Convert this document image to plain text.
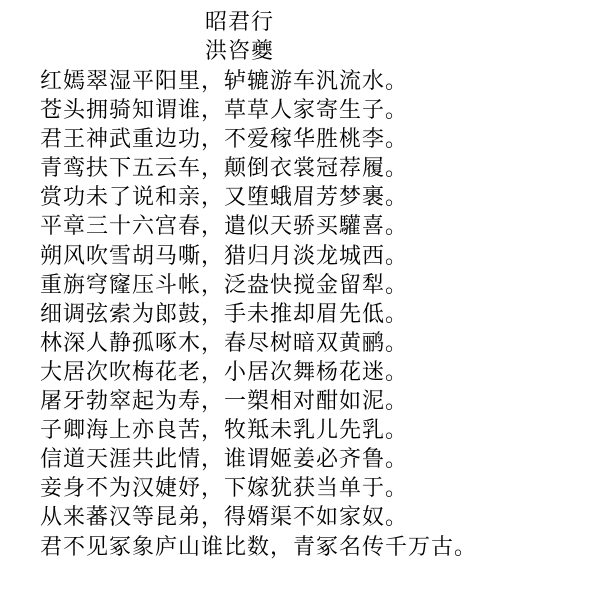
昭君行
洪咨夔
红嫣翠湿平阳里，轳辘游车汎流水。
苍头拥骑知谓谁，草草人家寄生子。
君王神武重边功，不爱稼华胜桃李。
青鸾扶下五云车，颠倒衣裳冠荐履。
赏功未了说和亲，又堕蛾眉芳梦裹。
平章三十六宫春，遣似天骄买驩喜。
朔风吹雪胡马嘶，猎归月淡龙城西。
重旃穹窿压斗帐，泛盎快搅金留犁。
细调弦索为郎鼓，手未推却眉先低。
林深人静孤啄木，春尽树暗双黄鹂。
大居次吹梅花老，小居次舞杨花迷。
屠牙勃窣起为寿，一槊相对酣如泥。
子卿海上亦良苦，牧羝未乳儿先乳。
信道天涯共此情，谁谓姬姜必齐鲁。
妾身不为汉婕妤，下嫁犹获当单于。
从来蕃汉等昆弟，得婿渠不如家奴。
君不见冢象庐山谁比数，青冢名传千万古。
